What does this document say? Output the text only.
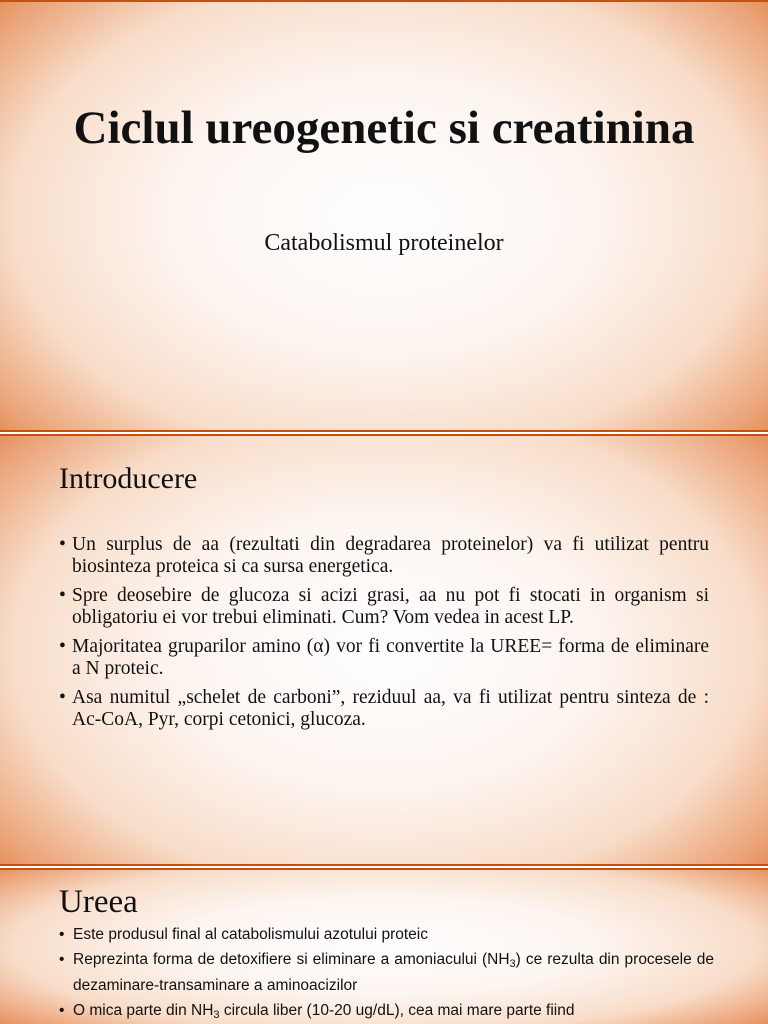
Ciclul ureogenetic si creatinina
Catabolismul proteinelor
Introducere
• Un surplus de aa (rezultati din degradarea proteinelor) va fi utilizat pentru biosinteza proteica si ca sursa energetica.
• Spre deosebire de glucoza si acizi grasi, aa nu pot fi stocati in organism si obligatoriu ei vor trebui eliminati. Cum? Vom vedea in acest LP.
• Majoritatea gruparilor amino (α) vor fi convertite la UREE= forma de eliminare a N proteic.
• Asa numitul „schelet de carboni”, reziduul aa, va fi utilizat pentru sinteza de : Ac-CoA, Pyr, corpi cetonici, glucoza.
Ureea
• Este produsul final al catabolismului azotului proteic
• Reprezinta forma de detoxifiere si eliminare a amoniacului $(NH_3)$ ce rezulta din procesele de dezaminare-transaminare a aminoacizilor
• O mica parte din $NH_3$ circula liber (10-20 ug/dL), cea mai mare parte fiind
